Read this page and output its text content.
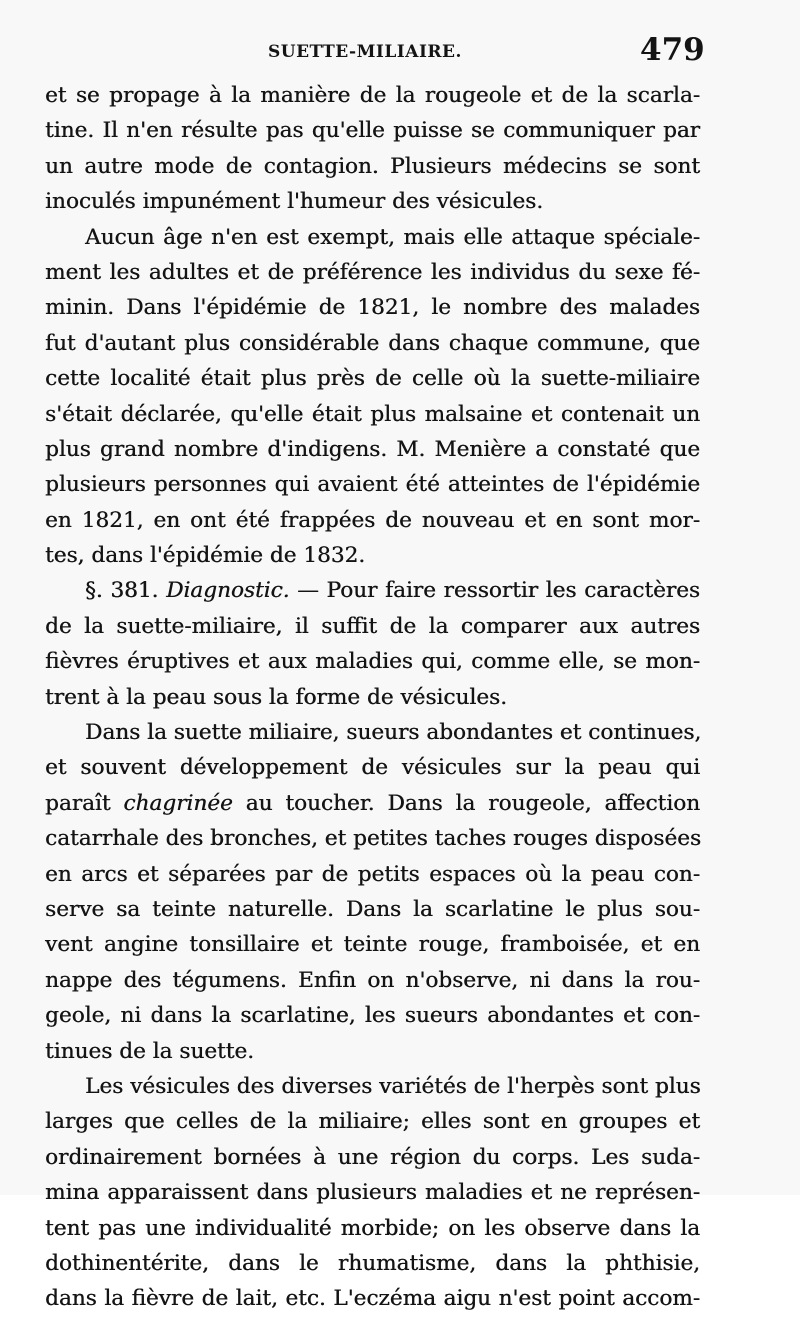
SUETTE-MILIAIRE.	479
et se propage à la manière de la rougeole et de la scarla-
tine. Il n'en résulte pas qu'elle puisse se communiquer par
un autre mode de contagion. Plusieurs médecins se sont
inoculés impunément l'humeur des vésicules.
Aucun âge n'en est exempt, mais elle attaque spéciale-
ment les adultes et de préférence les individus du sexe fé-
minin. Dans l'épidémie de 1821, le nombre des malades
fut d'autant plus considérable dans chaque commune, que
cette localité était plus près de celle où la suette-miliaire
s'était déclarée, qu'elle était plus malsaine et contenait un
plus grand nombre d'indigens. M. Menière a constaté que
plusieurs personnes qui avaient été atteintes de l'épidémie
en 1821, en ont été frappées de nouveau et en sont mor-
tes, dans l'épidémie de 1832.
§. 381. Diagnostic. — Pour faire ressortir les caractères
de la suette-miliaire, il suffit de la comparer aux autres
fièvres éruptives et aux maladies qui, comme elle, se mon-
trent à la peau sous la forme de vésicules.
Dans la suette miliaire, sueurs abondantes et continues,
et souvent développement de vésicules sur la peau qui
paraît chagrinée au toucher. Dans la rougeole, affection
catarrhale des bronches, et petites taches rouges disposées
en arcs et séparées par de petits espaces où la peau con-
serve sa teinte naturelle. Dans la scarlatine le plus sou-
vent angine tonsillaire et teinte rouge, framboisée, et en
nappe des tégumens. Enfin on n'observe, ni dans la rou-
geole, ni dans la scarlatine, les sueurs abondantes et con-
tinues de la suette.
Les vésicules des diverses variétés de l'herpès sont plus
larges que celles de la miliaire; elles sont en groupes et
ordinairement bornées à une région du corps. Les suda-
mina apparaissent dans plusieurs maladies et ne représen-
tent pas une individualité morbide; on les observe dans la
dothinentérite, dans le rhumatisme, dans la phthisie,
dans la fièvre de lait, etc. L'eczéma aigu n'est point accom-
